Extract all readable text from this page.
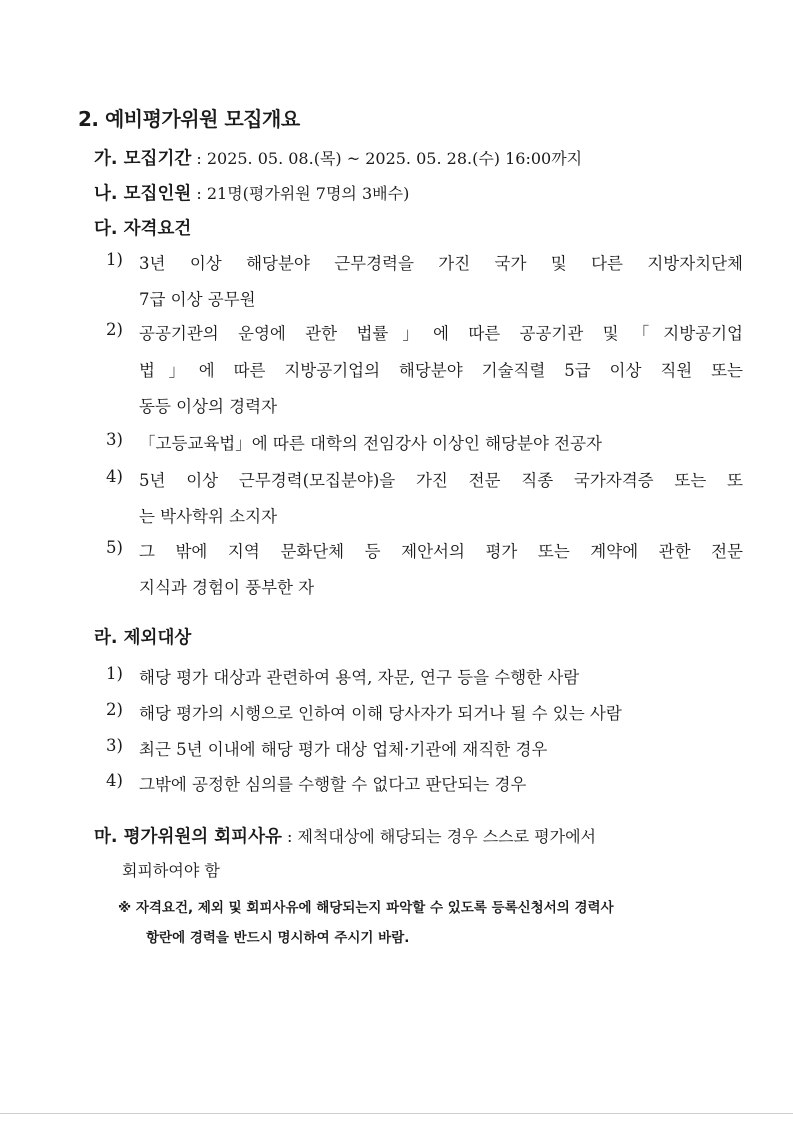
2. 예비평가위원 모집개요
가. 모집기간 : 2025. 05. 08.(목) ~ 2025. 05. 28.(수) 16:00까지
나. 모집인원 : 21명(평가위원 7명의 3배수)
다. 자격요건
1) 3년 이상 해당분야 근무경력을 가진 국가 및 다른 지방자치단체
7급 이상 공무원
2) 공공기관의 운영에 관한 법률」에 따른 공공기관 및「지방공기업
법」에 따른 지방공기업의 해당분야 기술직렬 5급 이상 직원 또는
동등 이상의 경력자
3) 「고등교육법」에 따른 대학의 전임강사 이상인 해당분야 전공자
4) 5년 이상 근무경력(모집분야)을 가진 전문 직종 국가자격증 또는 또
는 박사학위 소지자
5) 그 밖에 지역 문화단체 등 제안서의 평가 또는 계약에 관한 전문
지식과 경험이 풍부한 자
라. 제외대상
1) 해당 평가 대상과 관련하여 용역, 자문, 연구 등을 수행한 사람
2) 해당 평가의 시행으로 인하여 이해 당사자가 되거나 될 수 있는 사람
3) 최근 5년 이내에 해당 평가 대상 업체·기관에 재직한 경우
4) 그밖에 공정한 심의를 수행할 수 없다고 판단되는 경우
마. 평가위원의 회피사유 : 제척대상에 해당되는 경우 스스로 평가에서
회피하여야 함
※ 자격요건, 제외 및 회피사유에 해당되는지 파악할 수 있도록 등록신청서의 경력사
항란에 경력을 반드시 명시하여 주시기 바람.
